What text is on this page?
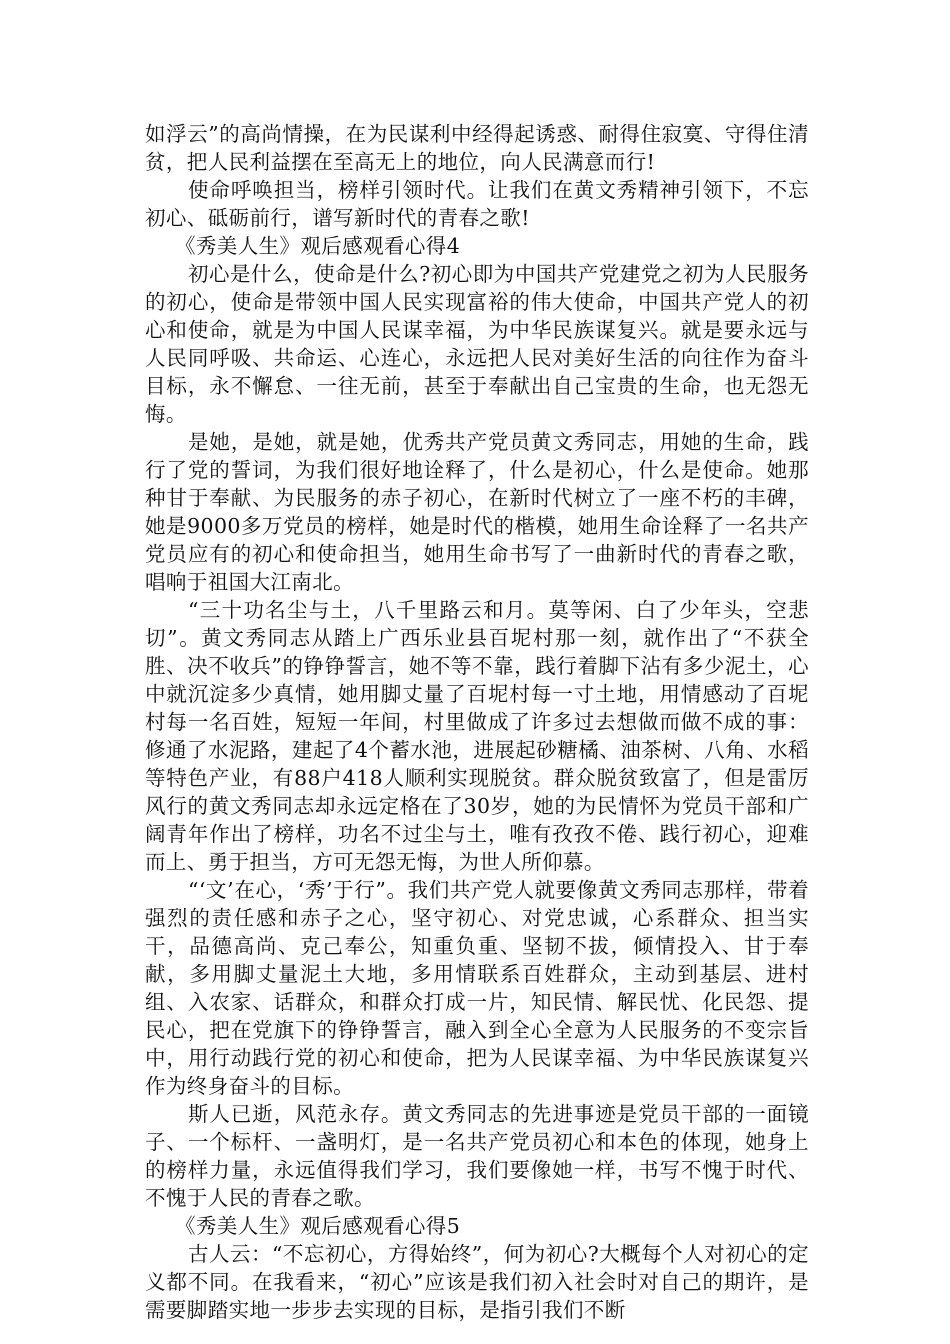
如浮云”的高尚情操，在为民谋利中经得起诱惑、耐得住寂寞、守得住清贫，把人民利益摆在至高无上的地位，向人民满意而行!

使命呼唤担当，榜样引领时代。让我们在黄文秀精神引领下，不忘初心、砥砺前行，谱写新时代的青春之歌!

《秀美人生》观后感观看心得4

初心是什么，使命是什么?初心即为中国共产党建党之初为人民服务的初心，使命是带领中国人民实现富裕的伟大使命，中国共产党人的初心和使命，就是为中国人民谋幸福，为中华民族谋复兴。就是要永远与人民同呼吸、共命运、心连心，永远把人民对美好生活的向往作为奋斗目标，永不懈怠、一往无前，甚至于奉献出自己宝贵的生命，也无怨无悔。

是她，是她，就是她，优秀共产党员黄文秀同志，用她的生命，践行了党的誓词，为我们很好地诠释了，什么是初心，什么是使命。她那种甘于奉献、为民服务的赤子初心，在新时代树立了一座不朽的丰碑，她是9000多万党员的榜样，她是时代的楷模，她用生命诠释了一名共产党员应有的初心和使命担当，她用生命书写了一曲新时代的青春之歌，唱响于祖国大江南北。

“三十功名尘与土，八千里路云和月。莫等闲、白了少年头，空悲切”。黄文秀同志从踏上广西乐业县百坭村那一刻，就作出了“不获全胜、决不收兵”的铮铮誓言，她不等不靠，践行着脚下沾有多少泥土，心中就沉淀多少真情，她用脚丈量了百坭村每一寸土地，用情感动了百坭村每一名百姓，短短一年间，村里做成了许多过去想做而做不成的事：修通了水泥路，建起了4个蓄水池，进展起砂糖橘、油茶树、八角、水稻等特色产业，有88户418人顺利实现脱贫。群众脱贫致富了，但是雷厉风行的黄文秀同志却永远定格在了30岁，她的为民情怀为党员干部和广阔青年作出了榜样，功名不过尘与土，唯有孜孜不倦、践行初心，迎难而上、勇于担当，方可无怨无悔，为世人所仰慕。

“‘文’在心，‘秀’于行”。我们共产党人就要像黄文秀同志那样，带着强烈的责任感和赤子之心，坚守初心、对党忠诚，心系群众、担当实干，品德高尚、克己奉公，知重负重、坚韧不拔，倾情投入、甘于奉献，多用脚丈量泥土大地，多用情联系百姓群众，主动到基层、进村组、入农家、话群众，和群众打成一片，知民情、解民忧、化民怨、提民心，把在党旗下的铮铮誓言，融入到全心全意为人民服务的不变宗旨中，用行动践行党的初心和使命，把为人民谋幸福、为中华民族谋复兴作为终身奋斗的目标。

斯人已逝，风范永存。黄文秀同志的先进事迹是党员干部的一面镜子、一个标杆、一盏明灯，是一名共产党员初心和本色的体现，她身上的榜样力量，永远值得我们学习，我们要像她一样，书写不愧于时代、不愧于人民的青春之歌。

《秀美人生》观后感观看心得5

古人云：“不忘初心，方得始终”，何为初心?大概每个人对初心的定义都不同。在我看来，“初心”应该是我们初入社会时对自己的期许，是需要脚踏实地一步步去实现的目标，是指引我们不断
